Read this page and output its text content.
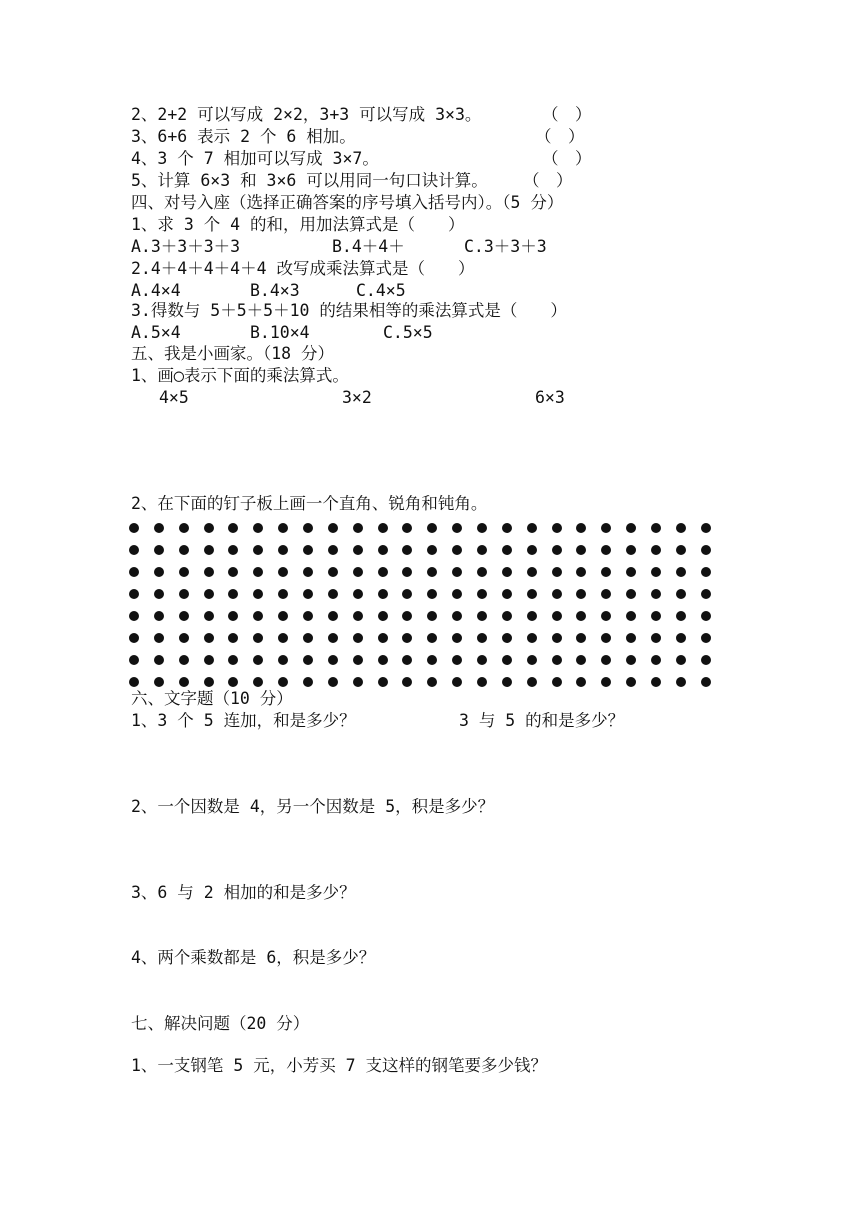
2、2+2 可以写成 2×2，3+3 可以写成 3×3。	（　）
3、6+6 表示 2 个 6 相加。	（　）
4、3 个 7 相加可以写成 3×7。	（　）
5、计算 6×3 和 3×6 可以用同一句口诀计算。 （　）
四、对号入座（选择正确答案的序号填入括号内）。（5 分）
1、求 3 个 4 的和，用加法算式是（　　）
A.3＋3＋3＋3	B.4＋4＋	C.3＋3＋3
2.4＋4＋4＋4＋4 改写成乘法算式是（　　）
A.4×4	B.4×3	C.4×5
3.得数与 5＋5＋5＋10 的结果相等的乘法算式是（　　）
A.5×4	B.10×4	C.5×5
五、我是小画家。（18 分）
1、画◯表示下面的乘法算式。
4×5	3×2	6×3
2、在下面的钉子板上画一个直角、锐角和钝角。
六、文字题（10 分）
1、3 个 5 连加，和是多少？	3 与 5 的和是多少？
2、一个因数是 4，另一个因数是 5，积是多少？
3、6 与 2 相加的和是多少？
4、两个乘数都是 6，积是多少？
七、解决问题（20 分）
1、一支钢笔 5 元，小芳买 7 支这样的钢笔要多少钱？
